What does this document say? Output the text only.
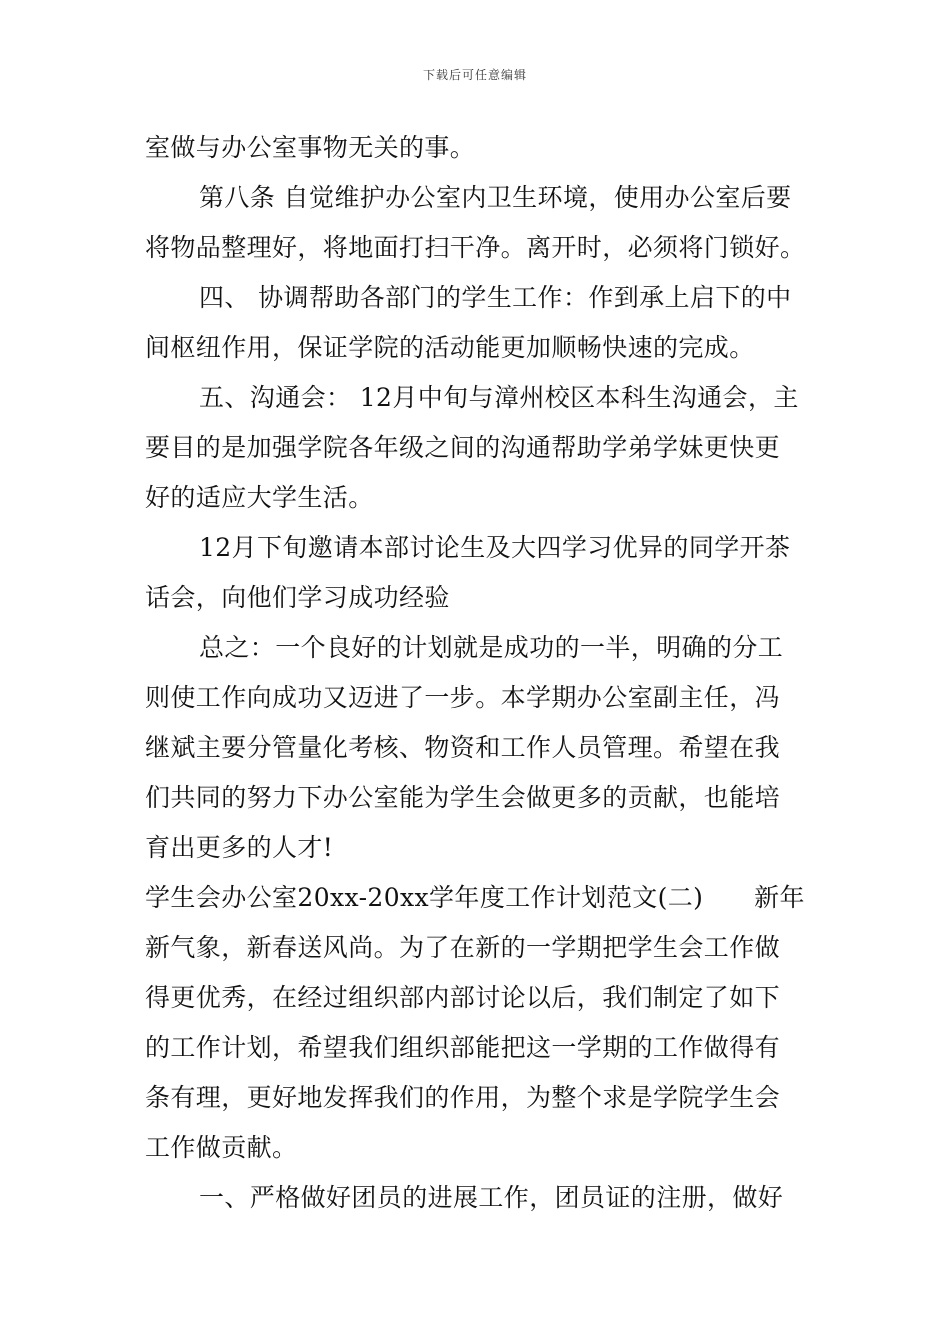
下载后可任意编辑
室做与办公室事物无关的事。
第八条 自觉维护办公室内卫生环境，使用办公室后要
将物品整理好，将地面打扫干净。离开时，必须将门锁好。
四、 协调帮助各部门的学生工作：作到承上启下的中
间枢纽作用，保证学院的活动能更加顺畅快速的完成。
五、沟通会： 12月中旬与漳州校区本科生沟通会，主
要目的是加强学院各年级之间的沟通帮助学弟学妹更快更
好的适应大学生活。
12月下旬邀请本部讨论生及大四学习优异的同学开茶
话会，向他们学习成功经验
总之：一个良好的计划就是成功的一半，明确的分工
则使工作向成功又迈进了一步。本学期办公室副主任，冯
继斌主要分管量化考核、物资和工作人员管理。希望在我
们共同的努力下办公室能为学生会做更多的贡献，也能培
育出更多的人才!
学生会办公室20xx-20xx学年度工作计划范文(二)　　新年
新气象，新春送风尚。为了在新的一学期把学生会工作做
得更优秀，在经过组织部内部讨论以后，我们制定了如下
的工作计划，希望我们组织部能把这一学期的工作做得有
条有理，更好地发挥我们的作用，为整个求是学院学生会
工作做贡献。
一、严格做好团员的进展工作，团员证的注册，做好
